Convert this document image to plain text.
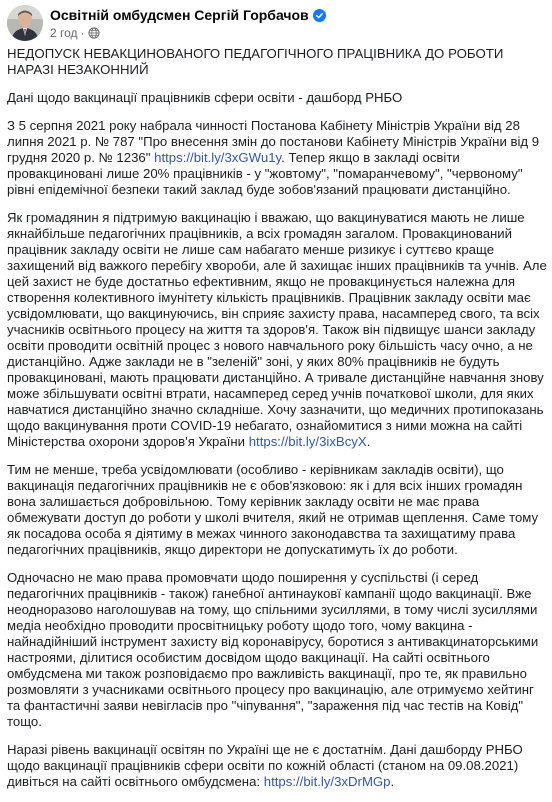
Освітній омбудсмен Сергій Горбачов
2 год ·

НЕДОПУСК НЕВАКЦИНОВАНОГО ПЕДАГОГІЧНОГО ПРАЦІВНИКА ДО РОБОТИ НАРАЗІ НЕЗАКОННИЙ

Дані щодо вакцинації працівників сфери освіти - дашборд РНБО

З 5 серпня 2021 року набрала чинності Постанова Кабінету Міністрів України від 28 липня 2021 р. № 787 "Про внесення змін до постанови Кабінету Міністрів України від 9 грудня 2020 р. № 1236" https://bit.ly/3xGWu1y. Тепер якщо в закладі освіти провакциновані лише 20% працівників - у "жовтому", "помаранчевому", "червоному" рівні епідемічної безпеки такий заклад буде зобов'язаний працювати дистанційно.

Як громадянин я підтримую вакцинацію і вважаю, що вакцинуватися мають не лише якнайбільше педагогічних працівників, а всіх громадян загалом. Провакцинований працівник закладу освіти не лише сам набагато менше ризикує і суттєво краще захищений від важкого перебігу хвороби, але й захищає інших працівників та учнів. Але цей захист не буде достатньо ефективним, якщо не провакцинується належна для створення колективного імунітету кількість працівників. Працівник закладу освіти має усвідомлювати, що вакцинуючись, він сприяє захисту права, насамперед свого, та всіх учасників освітнього процесу на життя та здоров'я. Також він підвищує шанси закладу освіти проводити освітній процес з нового навчального року більшість часу очно, а не дистанційно. Адже заклади не в "зеленій" зоні, у яких 80% працівників не будуть провакциновані, мають працювати дистанційно. А тривале дистанційне навчання знову може збільшувати освітні втрати, насамперед серед учнів початкової школи, для яких навчатися дистанційно значно складніше. Хочу зазначити, що медичних протипоказань щодо вакцинування проти COVID-19 небагато, ознайомитися з ними можна на сайті Міністерства охорони здоров'я України https://bit.ly/3ixBcyX.

Тим не менше, треба усвідомлювати (особливо - керівникам закладів освіти), що вакцинація педагогічних працівників не є обов'язковою: як і для всіх інших громадян вона залишається добровільною. Тому керівник закладу освіти не має права обмежувати доступ до роботи у школі вчителя, який не отримав щеплення. Саме тому як посадова особа я діятиму в межах чинного законодавства та захищатиму права педагогічних працівників, якщо директори не допускатимуть їх до роботи.

Одночасно не маю права промовчати щодо поширення у суспільстві (і серед педагогічних працівників - також) ганебної антинауковї кампанії щодо вакцинації. Вже неодноразово наголошував на тому, що спільними зусиллями, в тому числі зусиллями медіа необхідно проводити просвітницьку роботу щодо того, чому вакцина - найнадійніший інструмент захисту від коронавірусу, боротися з антивакцинаторськими настроями, ділитися особистим досвідом щодо вакцинації. На сайті освітнього омбудсмена ми також розповідаємо про важливість вакцинації, про те, як правильно розмовляти з учасниками освітнього процесу про вакцинацію, але отримуємо хейтинг та фантастичні заяви невігласів про "чіпування", "зараження під час тестів на Ковід" тощо.

Наразі рівень вакцинації освітян по Україні ще не є достатнім. Дані дашборду РНБО щодо вакцинації працівників сфери освіти по кожній області (станом на 09.08.2021) дивіться на сайті освітнього омбудсмена: https://bit.ly/3xDrMGp.
